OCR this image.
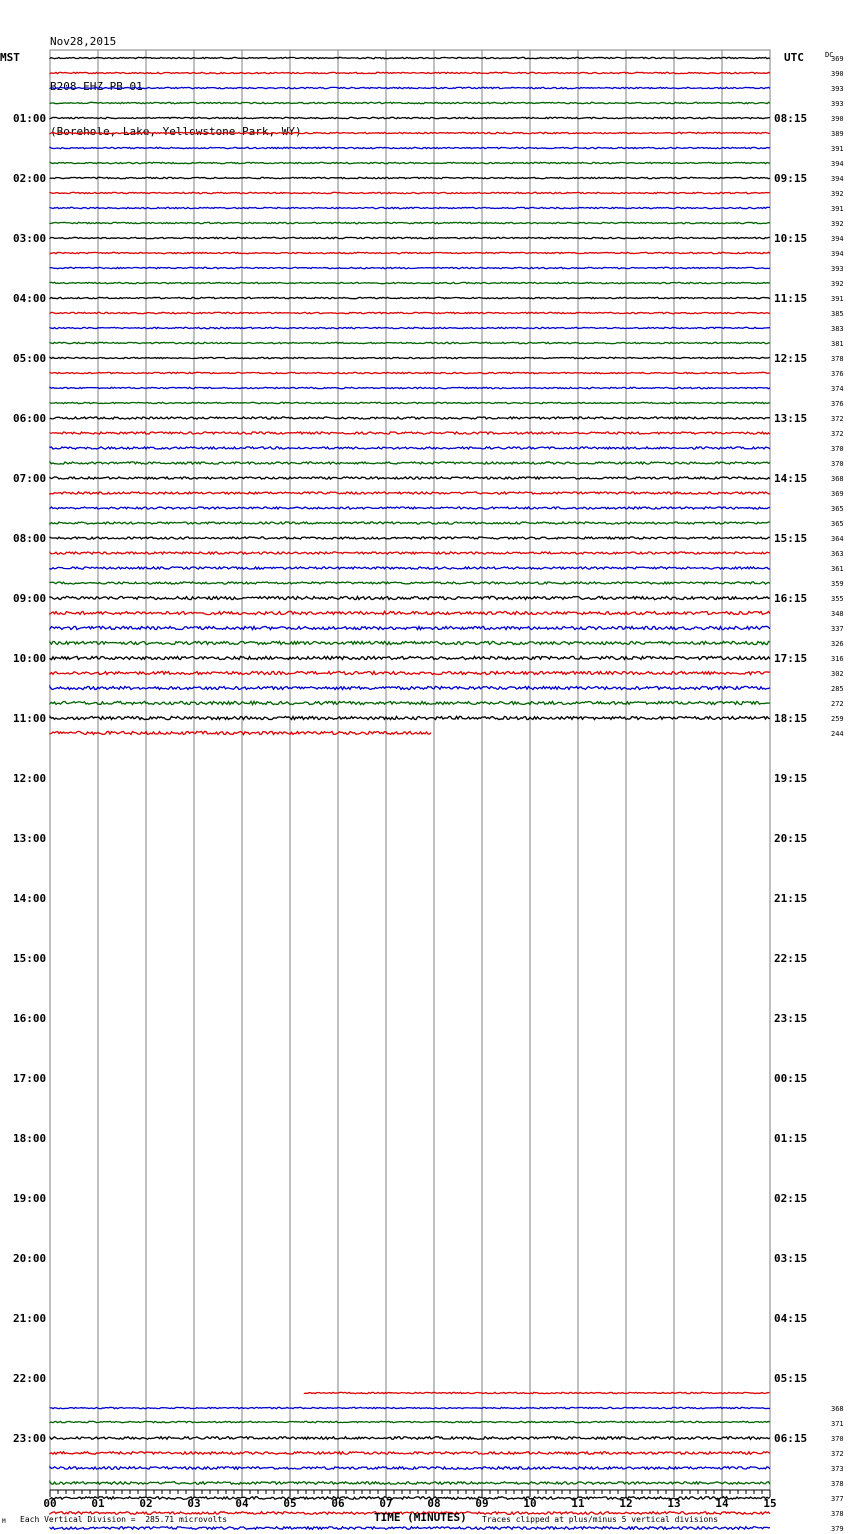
Nov28,2015

B208 EHZ PB 01

(Borehole, Lake, Yellowstone Park, WY)

00	01	02	03	04	05	06	07	08	09	10	11	12	13	14	15
01:00
02:00
03:00
04:00
05:00
06:00
07:00
08:00
09:00
10:00
11:00
12:00
13:00
14:00
15:00
16:00
17:00
18:00
19:00
20:00
21:00
22:00
23:00
08:15
09:15
10:15
11:15
12:15
13:15
14:15
15:15
16:15
17:15
18:15
19:15
20:15
21:15
22:15
23:15
00:15
01:15
02:15
03:15
04:15
05:15
06:15
369
390
393
393
390
389
391
394
394
392
391
392
394
394
393
392
391
385
383
381
378
376
374
376
372
372
370
370
368
369
365
365
364
363
361
359
355
348
337
326
316
302
285
272
259
244
368
371
370
372
373
378
377
378
379
MST	UTC	DC
M Each Vertical Division =  285.71 microvolts	TIME (MINUTES) Traces clipped at plus/minus 5 vertical divisions
